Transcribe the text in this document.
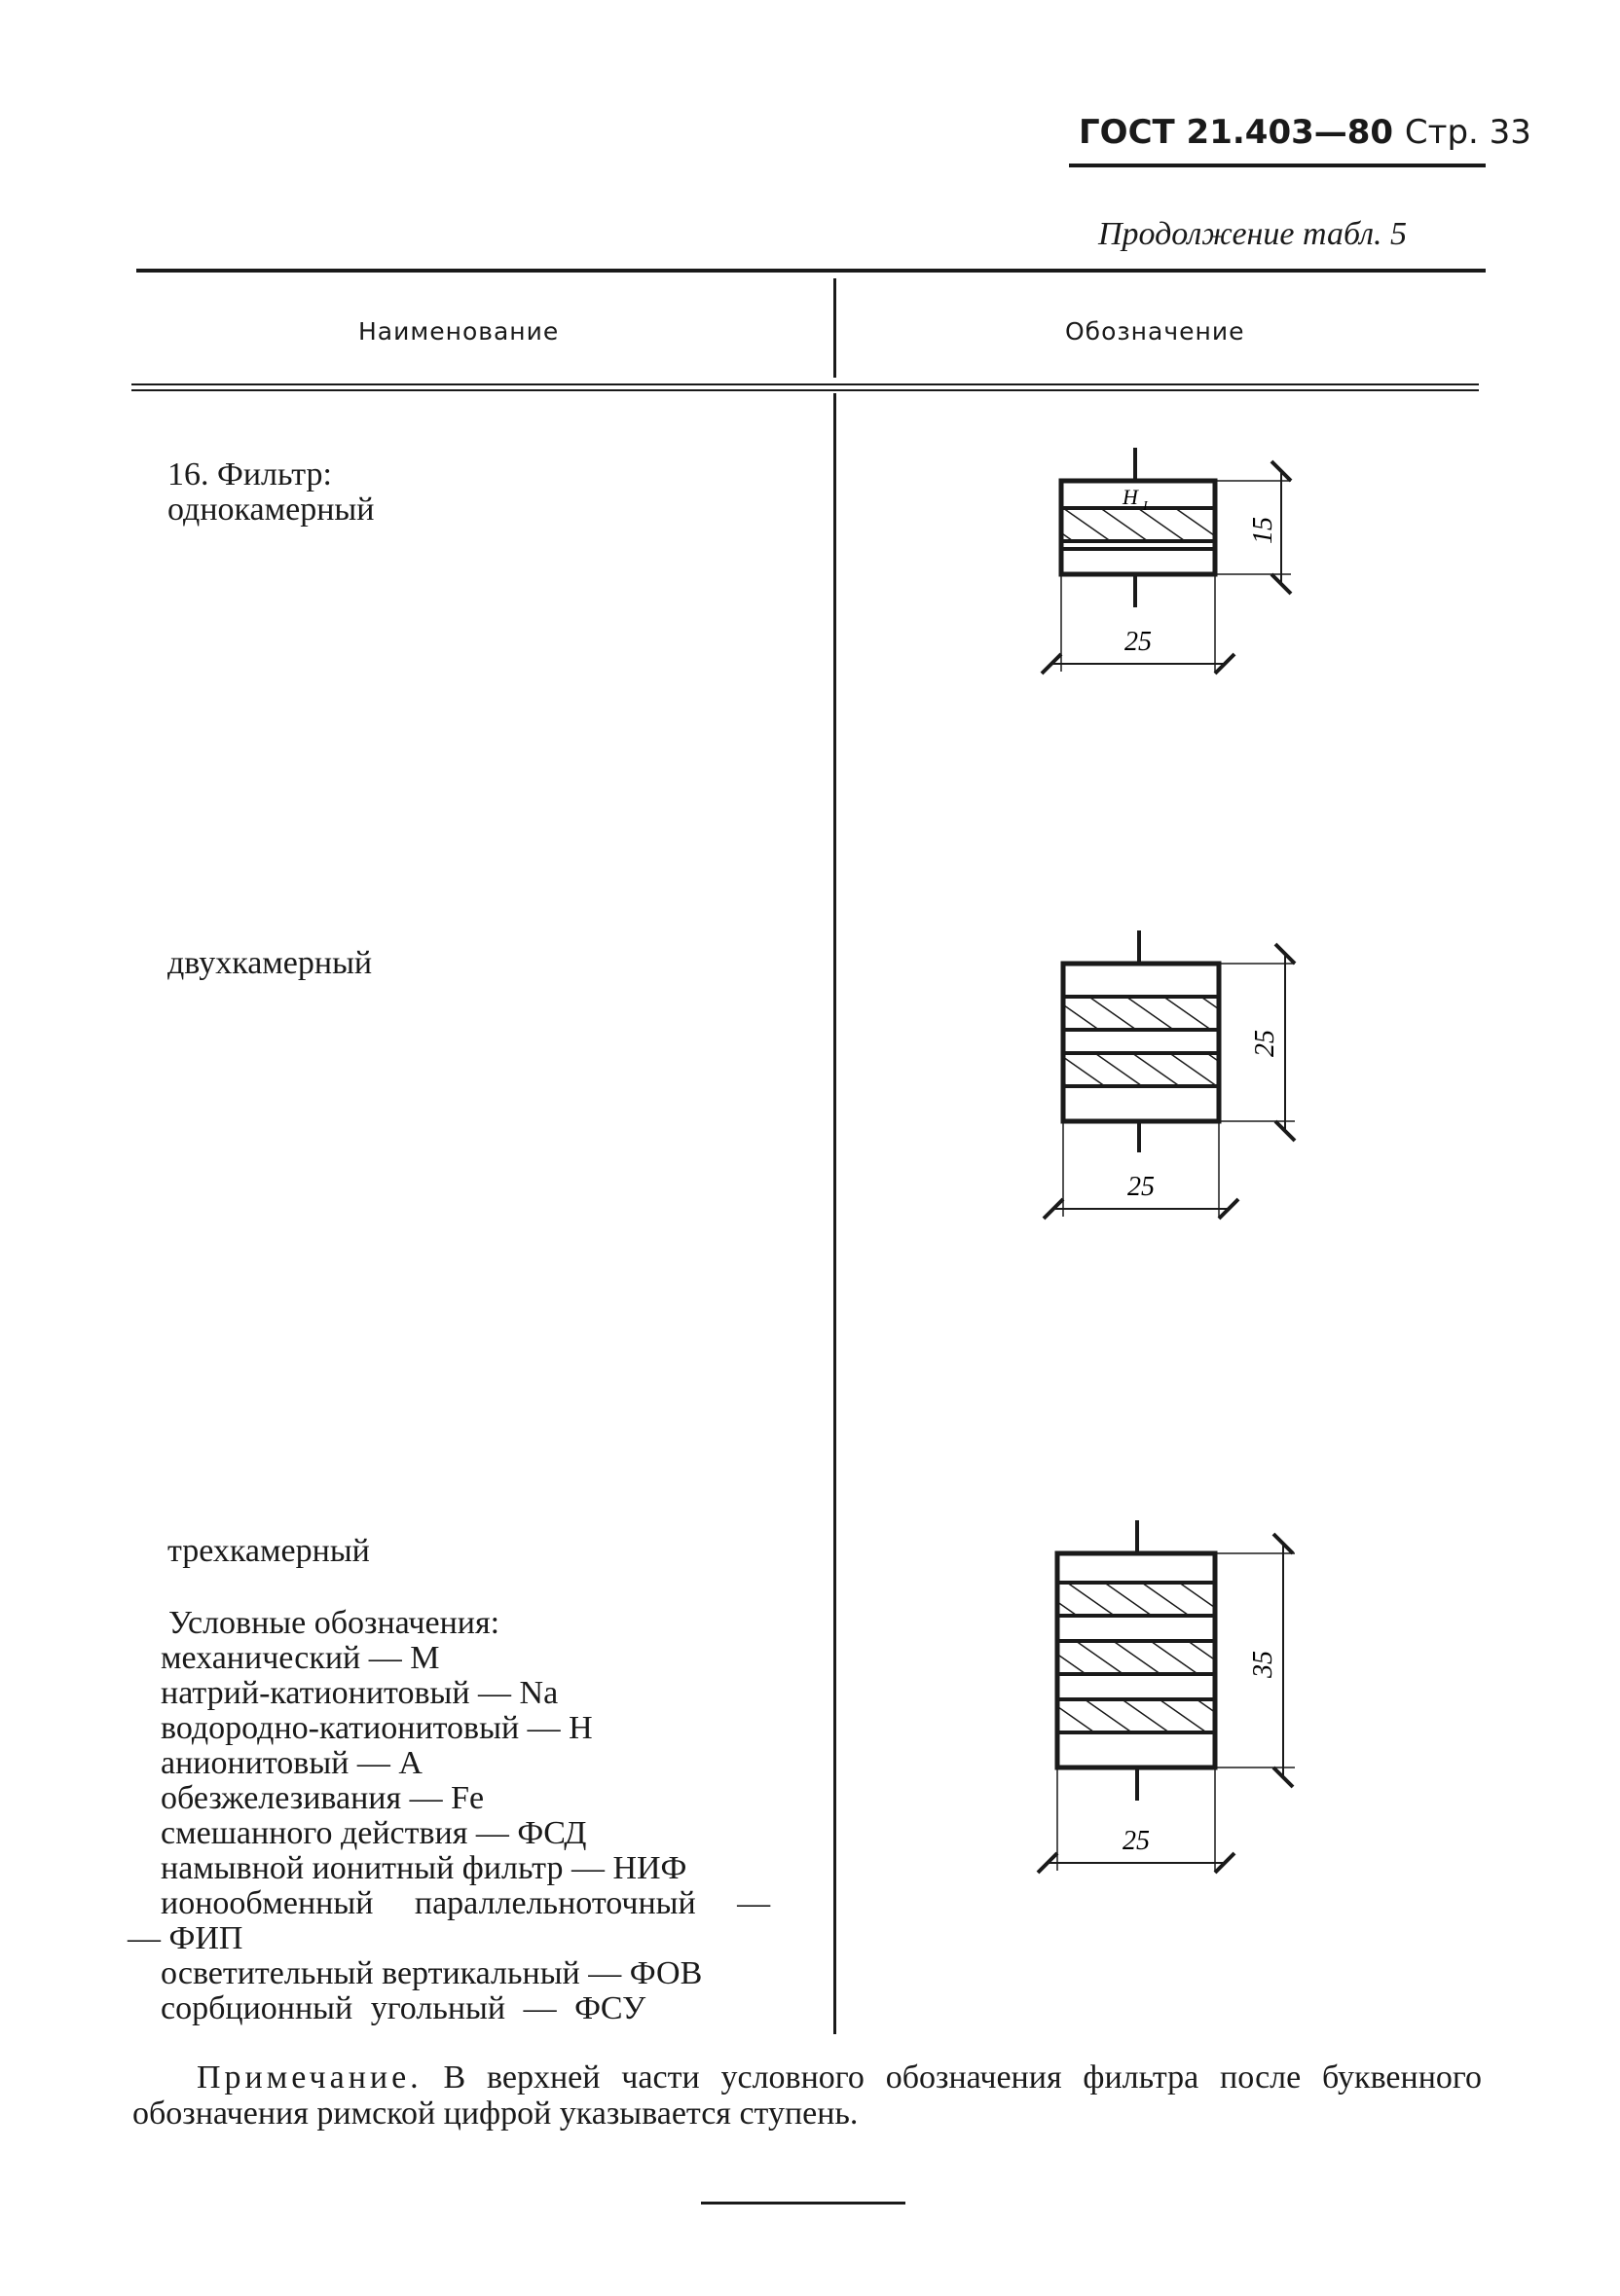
ГОСТ 21.403—80 Стр. 33
Продолжение табл. 5
Наименование	Обозначение
16. Фильтр:
однокамерный
двухкамерный
трехкамерный
Условные обозначения:
механический — М
натрий-катионитовый — Na
водородно-катионитовый — Н
анионитовый — А
обезжелезивания — Fe
смешанного действия — ФСД
намывной ионитный фильтр — НИФ
ионообменный параллельноточный —
— ФИП
осветительный вертикальный — ФОВ
сорбционный угольный — ФСУ
Примечание. В верхней части условного обозначения фильтра после буквенного обозначения римской цифрой указывается ступень.
H I
15
25
25
25
35
25
